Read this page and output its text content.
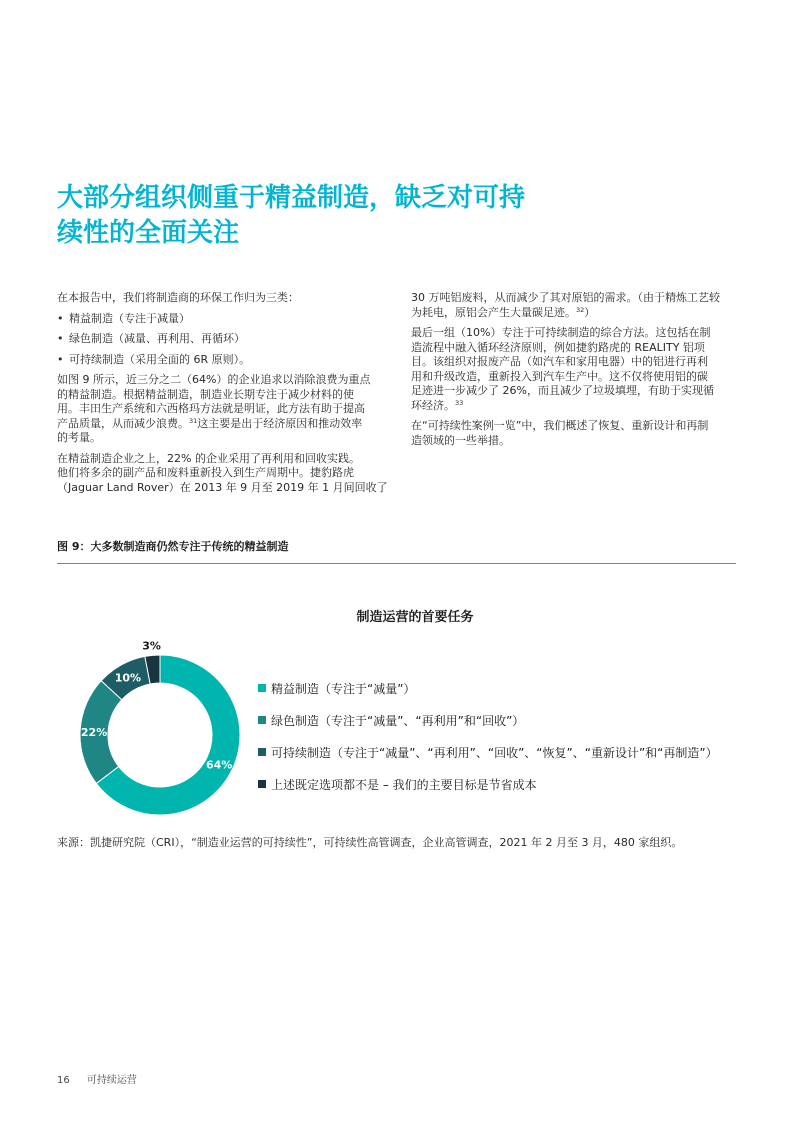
大部分组织侧重于精益制造，缺乏对可持
续性的全面关注

在本报告中，我们将制造商的环保工作归为三类：

• 精益制造（专注于减量）
• 绿色制造（减量、再利用、再循环）
• 可持续制造（采用全面的 6R 原则）。

如图 9 所示，近三分之二（64%）的企业追求以消除浪费为重点
的精益制造。根据精益制造，制造业长期专注于减少材料的使
用。丰田生产系统和六西格玛方法就是明证，此方法有助于提高
产品质量，从而减少浪费。$^{31}$这主要是出于经济原因和推动效率
的考量。

在精益制造企业之上，22% 的企业采用了再利用和回收实践。
他们将多余的副产品和废料重新投入到生产周期中。捷豹路虎
（Jaguar Land Rover）在 2013 年 9 月至 2019 年 1 月间回收了

30 万吨铝废料，从而减少了其对原铝的需求。（由于精炼工艺较
为耗电，原铝会产生大量碳足迹。$^{32}$）

最后一组（10%）专注于可持续制造的综合方法。这包括在制
造流程中融入循环经济原则，例如捷豹路虎的 REALITY 铝项
目。该组织对报废产品（如汽车和家用电器）中的铝进行再利
用和升级改造，重新投入到汽车生产中。这不仅将使用铝的碳
足迹进一步减少了 26%，而且减少了垃圾填埋，有助于实现循
环经济。$^{33}$

在“可持续性案例一览”中，我们概述了恢复、重新设计和再制
造领域的一些举措。

图 9：大多数制造商仍然专注于传统的精益制造
制造运营的首要任务
64%
22%
10%
3%
精益制造（专注于“减量”）
绿色制造（专注于“减量”、“再利用”和“回收”）
可持续制造（专注于“减量”、“再利用”、“回收”、“恢复”、“重新设计”和“再制造”）
上述既定选项都不是 – 我们的主要目标是节省成本
来源：凯捷研究院（CRI），“制造业运营的可持续性”，可持续性高管调查，企业高管调查，2021 年 2 月至 3 月，480 家组织。
16 可持续运营
